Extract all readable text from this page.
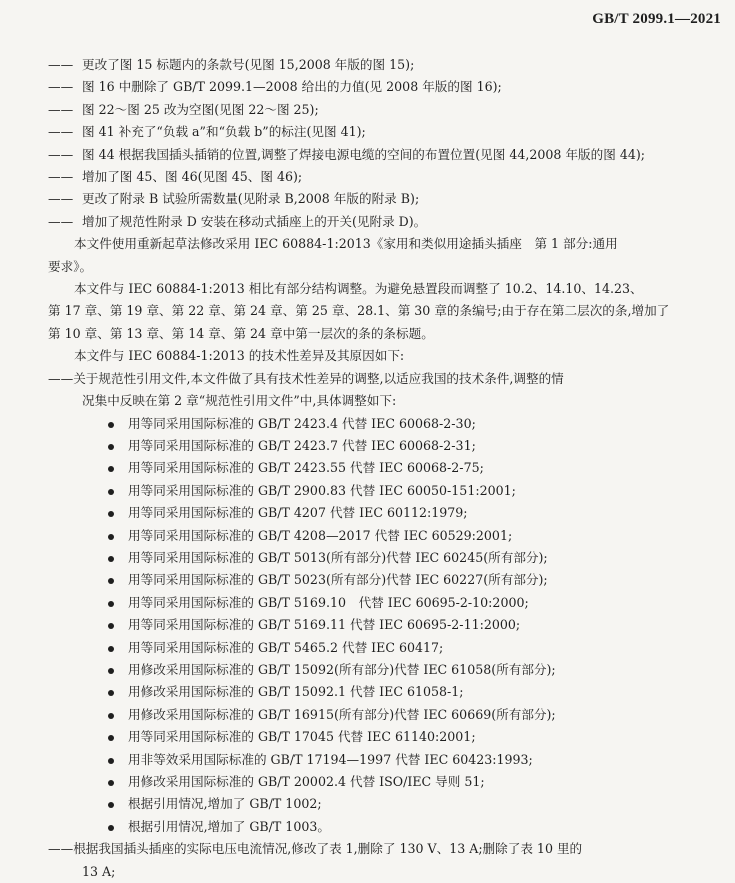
GB/T 2099.1—2021
—— 更改了图 15 标题内的条款号(见图 15,2008 年版的图 15);
—— 图 16 中删除了 GB/T 2099.1—2008 给出的力值(见 2008 年版的图 16);
—— 图 22～图 25 改为空图(见图 22～图 25);
—— 图 41 补充了“负载 a”和“负载 b”的标注(见图 41);
—— 图 44 根据我国插头插销的位置,调整了焊接电源电缆的空间的布置位置(见图 44,2008 年版的图 44);
—— 增加了图 45、图 46(见图 45、图 46);
—— 更改了附录 B 试验所需数量(见附录 B,2008 年版的附录 B);
—— 增加了规范性附录 D 安装在移动式插座上的开关(见附录 D)。
本文件使用重新起草法修改采用 IEC 60884-1:2013《家用和类似用途插头插座　第 1 部分:通用
要求》。
本文件与 IEC 60884-1:2013 相比有部分结构调整。为避免悬置段而调整了 10.2、14.10、14.23、
第 17 章、第 19 章、第 22 章、第 24 章、第 25 章、28.1、第 30 章的条编号;由于存在第二层次的条,增加了
第 10 章、第 13 章、第 14 章、第 24 章中第一层次的条的条标题。
本文件与 IEC 60884-1:2013 的技术性差异及其原因如下:
——关于规范性引用文件,本文件做了具有技术性差异的调整,以适应我国的技术条件,调整的情
况集中反映在第 2 章“规范性引用文件”中,具体调整如下:
用等同采用国际标准的 GB/T 2423.4 代替 IEC 60068-2-30;
用等同采用国际标准的 GB/T 2423.7 代替 IEC 60068-2-31;
用等同采用国际标准的 GB/T 2423.55 代替 IEC 60068-2-75;
用等同采用国际标准的 GB/T 2900.83 代替 IEC 60050-151:2001;
用等同采用国际标准的 GB/T 4207 代替 IEC 60112:1979;
用等同采用国际标准的 GB/T 4208—2017 代替 IEC 60529:2001;
用等同采用国际标准的 GB/T 5013(所有部分)代替 IEC 60245(所有部分);
用等同采用国际标准的 GB/T 5023(所有部分)代替 IEC 60227(所有部分);
用等同采用国际标准的 GB/T 5169.10　代替 IEC 60695-2-10:2000;
用等同采用国际标准的 GB/T 5169.11 代替 IEC 60695-2-11:2000;
用等同采用国际标准的 GB/T 5465.2 代替 IEC 60417;
用修改采用国际标准的 GB/T 15092(所有部分)代替 IEC 61058(所有部分);
用修改采用国际标准的 GB/T 15092.1 代替 IEC 61058-1;
用修改采用国际标准的 GB/T 16915(所有部分)代替 IEC 60669(所有部分);
用等同采用国际标准的 GB/T 17045 代替 IEC 61140:2001;
用非等效采用国际标准的 GB/T 17194—1997 代替 IEC 60423:1993;
用修改采用国际标准的 GB/T 20002.4 代替 ISO/IEC 导则 51;
根据引用情况,增加了 GB/T 1002;
根据引用情况,增加了 GB/T 1003。
——根据我国插头插座的实际电压电流情况,修改了表 1,删除了 130 V、13 A;删除了表 10 里的
13 A;
